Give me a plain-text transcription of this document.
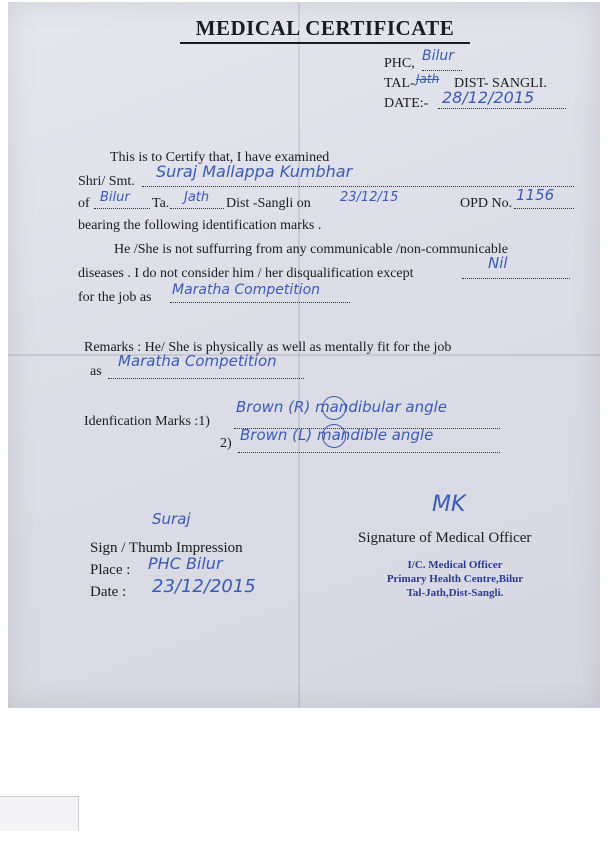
MEDICAL CERTIFICATE
PHC, Bilur
TAL- Jath DIST- SANGLI.
DATE:- 28/12/2015
This is to Certify that, I have examined
Shri/ Smt.
Suraj Mallappa Kumbhar
of Bilur Ta. Jath Dist -Sangli on 23/12/15	OPD No. 1156
bearing the following identification marks .
He /She is not suffurring from any communicable /non-communicable
diseases . I do not consider him / her disqualification except
Nil
for the job as Maratha Competition
Remarks : He/ She is physically as well as mentally fit for the job
as
Maratha Competition
Idenfication Marks :1)
Brown (R) mandibular angle
2) Brown (L) mandible angle
Suraj
Sign / Thumb Impression
Place : PHC Bilur
Date : 23/12/2015
MK
Signature of Medical Officer
I/C. Medical Officer
Primary Health Centre,Bilur
Tal-Jath,Dist-Sangli.
